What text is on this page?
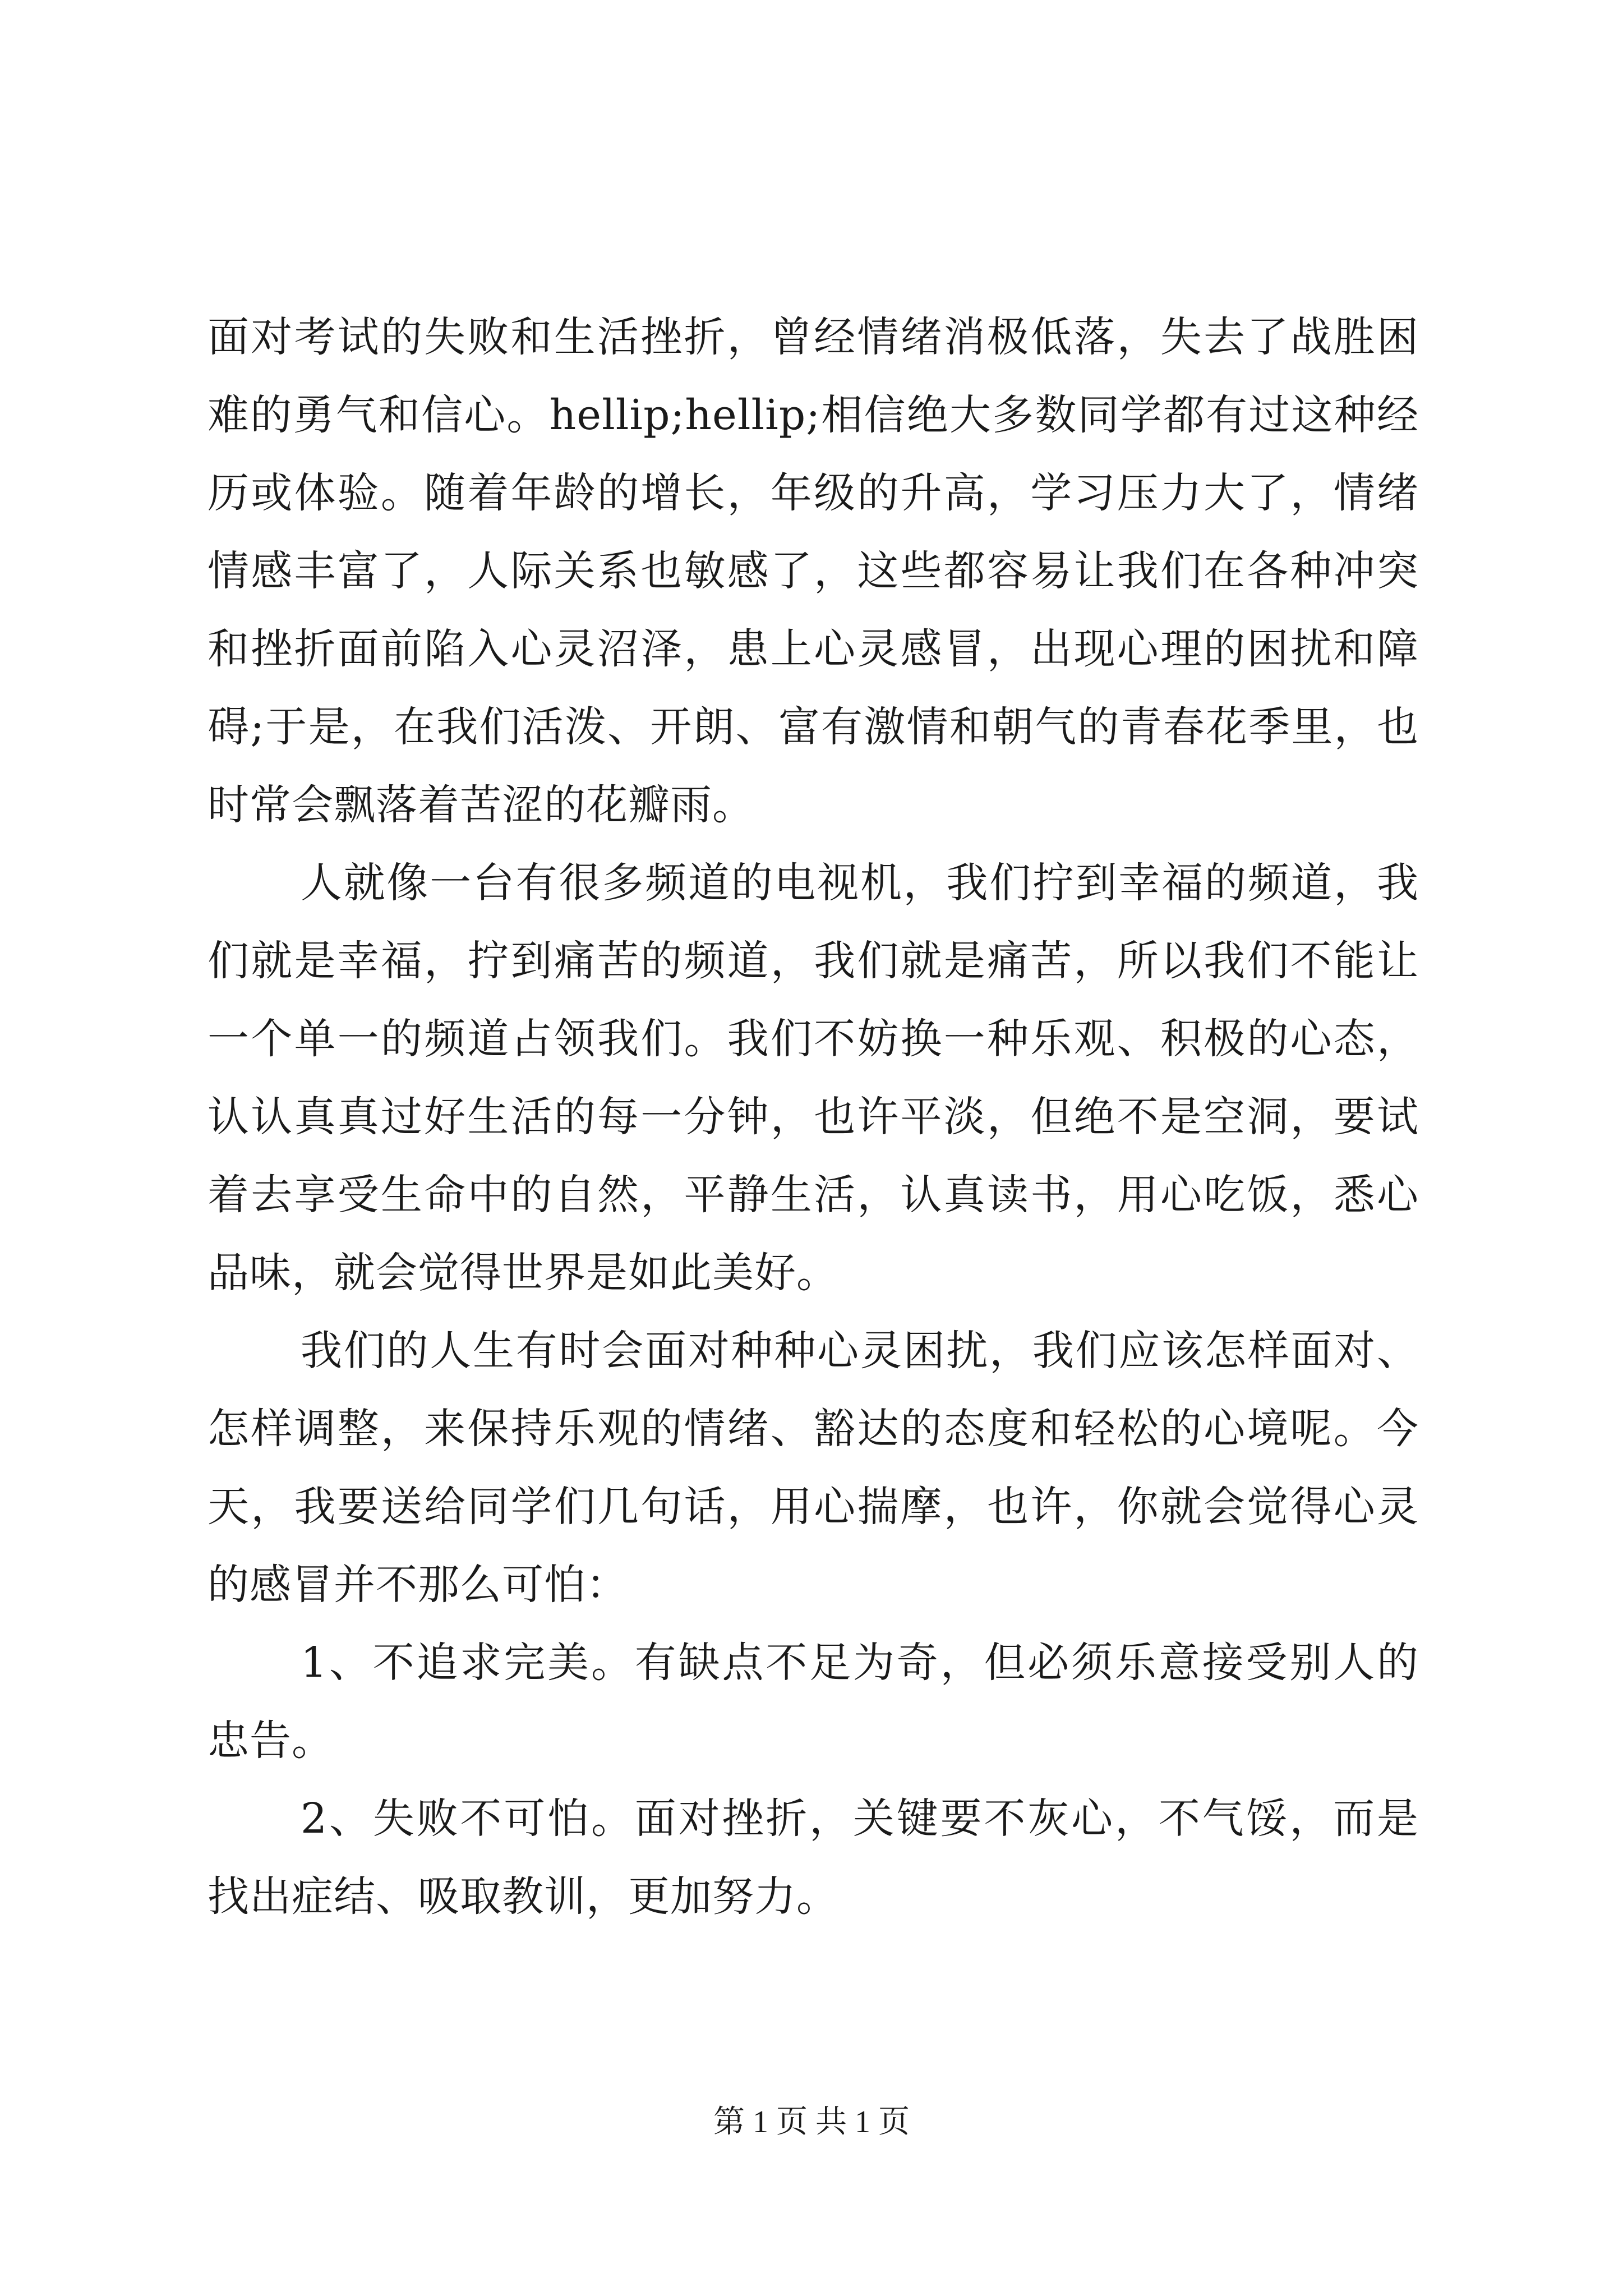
面对考试的失败和生活挫折，曾经情绪消极低落，失去了战胜困难的勇气和信心。hellip;hellip;相信绝大多数同学都有过这种经历或体验。随着年龄的增长，年级的升高，学习压力大了，情绪情感丰富了，人际关系也敏感了，这些都容易让我们在各种冲突和挫折面前陷入心灵沼泽，患上心灵感冒，出现心理的困扰和障碍;于是，在我们活泼、开朗、富有激情和朝气的青春花季里，也时常会飘落着苦涩的花瓣雨。

人就像一台有很多频道的电视机，我们拧到幸福的频道，我们就是幸福，拧到痛苦的频道，我们就是痛苦，所以我们不能让一个单一的频道占领我们。我们不妨换一种乐观、积极的心态，认认真真过好生活的每一分钟，也许平淡，但绝不是空洞，要试着去享受生命中的自然，平静生活，认真读书，用心吃饭，悉心品味，就会觉得世界是如此美好。

我们的人生有时会面对种种心灵困扰，我们应该怎样面对、怎样调整，来保持乐观的情绪、豁达的态度和轻松的心境呢。今天，我要送给同学们几句话，用心揣摩，也许，你就会觉得心灵的感冒并不那么可怕：

1、不追求完美。有缺点不足为奇，但必须乐意接受别人的忠告。

2、失败不可怕。面对挫折，关键要不灰心，不气馁，而是找出症结、吸取教训，更加努力。

第 1 页 共 1 页
